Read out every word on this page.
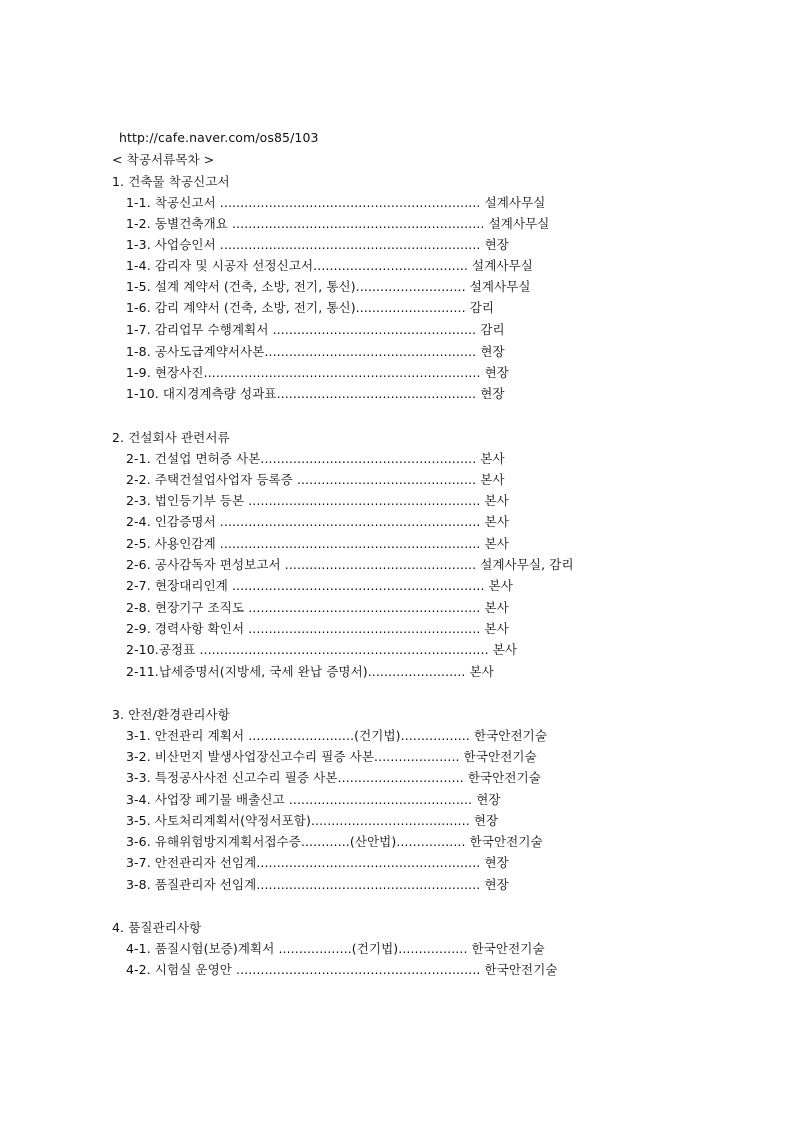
http://cafe.naver.com/os85/103
< 착공서류목차 >
1. 건축물 착공신고서
1-1. 착공신고서 ................................................................ 설계사무실
1-2. 동별건축개요 .............................................................. 설계사무실
1-3. 사업승인서 ................................................................ 현장
1-4. 감리자 및 시공자 선정신고서...................................... 설계사무실
1-5. 설계 계약서 (건축, 소방, 전기, 통신)........................... 설계사무실
1-6. 감리 계약서 (건축, 소방, 전기, 통신)........................... 감리
1-7. 감리업무 수행계획서 .................................................. 감리
1-8. 공사도급계약서사본.................................................... 현장
1-9. 현장사진.................................................................... 현장
1-10. 대지경계측량 성과표................................................. 현장
2. 건설회사 관련서류
2-1. 건설업 면허증 사본..................................................... 본사
2-2. 주택건설업사업자 등록증 ............................................ 본사
2-3. 법인등기부 등본 ......................................................... 본사
2-4. 인감증명서 ................................................................ 본사
2-5. 사용인감계 ................................................................ 본사
2-6. 공사감독자 편성보고서 ............................................... 설계사무실, 감리
2-7. 현장대리인계 .............................................................. 본사
2-8. 현장기구 조직도 ......................................................... 본사
2-9. 경력사항 확인서 ......................................................... 본사
2-10.공정표 ....................................................................... 본사
2-11.납세증명서(지방세, 국세 완납 증명서)........................ 본사
3. 안전/환경관리사항
3-1. 안전관리 계획서 ..........................(건기법)................. 한국안전기술
3-2. 비산먼지 발생사업장신고수리 필증 사본..................... 한국안전기술
3-3. 특정공사사전 신고수리 필증 사본............................... 한국안전기술
3-4. 사업장 폐기물 배출신고 ............................................. 현장
3-5. 사토처리계획서(약정서포함)....................................... 현장
3-6. 유해위험방지계획서접수증............(산안법)................. 한국안전기술
3-7. 안전관리자 선임계....................................................... 현장
3-8. 품질관리자 선임계....................................................... 현장
4. 품질관리사항
4-1. 품질시험(보증)계획서 ..................(건기법)................. 한국안전기술
4-2. 시험실 운영안 ............................................................ 한국안전기술
